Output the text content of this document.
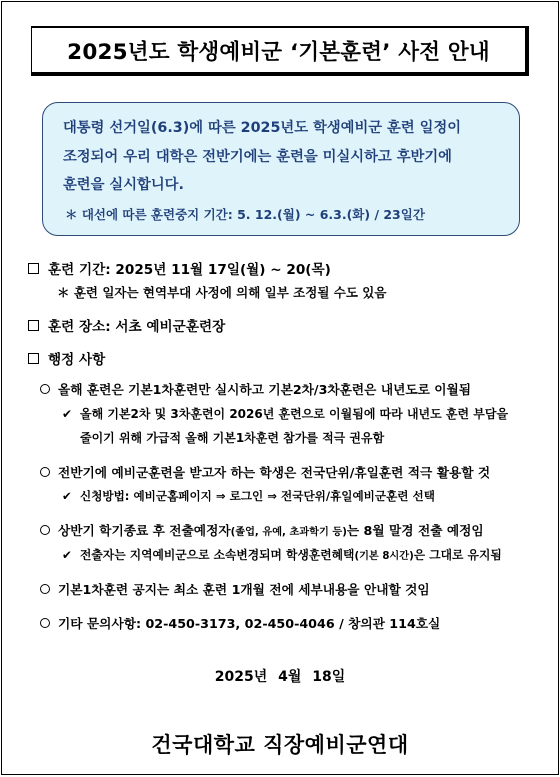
2025년도 학생예비군 ‘기본훈련’ 사전 안내
대통령 선거일(6.3)에 따른 2025년도 학생예비군 훈련 일정이
조정되어 우리 대학은 전반기에는 훈련을 미실시하고 후반기에
훈련을 실시합니다.
＊ 대선에 따른 훈련중지 기간: 5. 12.(월) ~ 6.3.(화) / 23일간
훈련 기간: 2025년 11월 17일(월) ~ 20(목)
＊ 훈련 일자는 현역부대 사정에 의해 일부 조정될 수도 있음
훈련 장소: 서초 예비군훈련장
행정 사항
올해 훈련은 기본1차훈련만 실시하고 기본2차/3차훈련은 내년도로 이월됨
✔ 올해 기본2차 및 3차훈련이 2026년 훈련으로 이월됨에 따라 내년도 훈련 부담을
줄이기 위해 가급적 올해 기본1차훈련 참가를 적극 권유함
전반기에 예비군훈련을 받고자 하는 학생은 전국단위/휴일훈련 적극 활용할 것
✔ 신청방법: 예비군홈페이지 ⇒ 로그인 ⇒ 전국단위/휴일예비군훈련 선택
상반기 학기종료 후 전출예정자(졸업, 유예, 초과학기 등)는 8월 말경 전출 예정임
✔ 전출자는 지역예비군으로 소속변경되며 학생훈련혜택(기본 8시간)은 그대로 유지됨
기본1차훈련 공지는 최소 훈련 1개월 전에 세부내용을 안내할 것임
기타 문의사항: 02-450-3173, 02-450-4046 / 창의관 114호실
2025년 4월 18일
건국대학교 직장예비군연대
